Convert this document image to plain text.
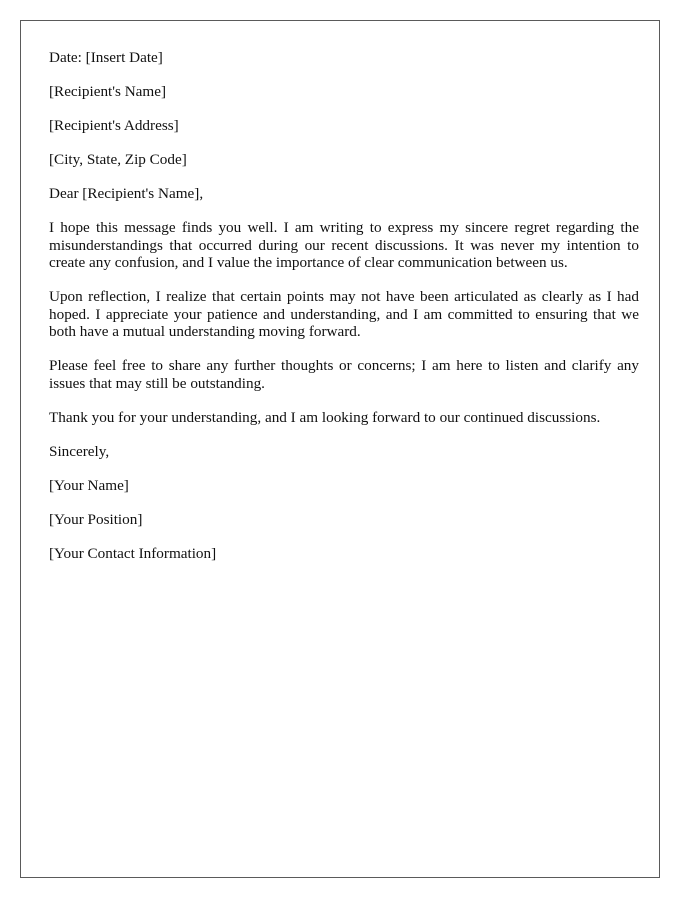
Date: [Insert Date]

[Recipient's Name]

[Recipient's Address]

[City, State, Zip Code]

Dear [Recipient's Name],

I hope this message finds you well. I am writing to express my sincere regret regarding the misunderstandings that occurred during our recent discussions. It was never my intention to create any confusion, and I value the importance of clear communication between us.

Upon reflection, I realize that certain points may not have been articulated as clearly as I had hoped. I appreciate your patience and understanding, and I am committed to ensuring that we both have a mutual understanding moving forward.

Please feel free to share any further thoughts or concerns; I am here to listen and clarify any issues that may still be outstanding.

Thank you for your understanding, and I am looking forward to our continued discussions.

Sincerely,

[Your Name]

[Your Position]

[Your Contact Information]
